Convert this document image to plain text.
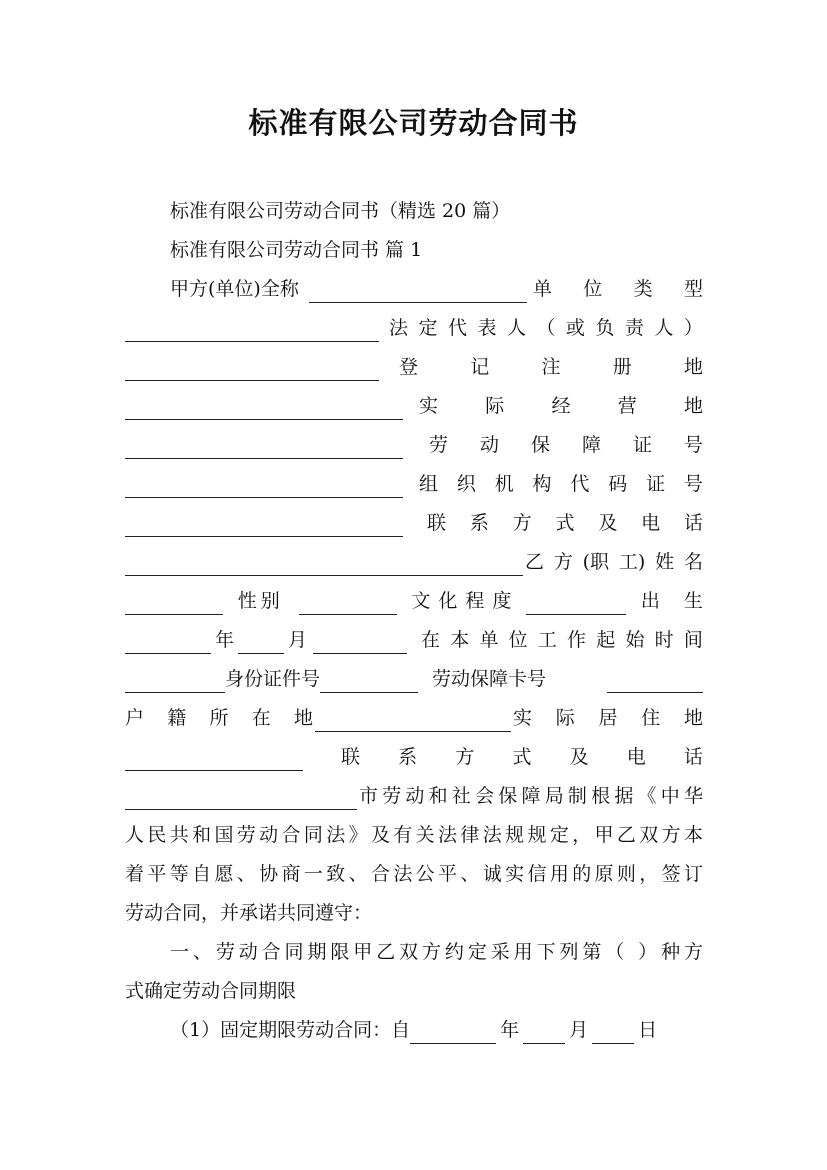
标准有限公司劳动合同书
标准有限公司劳动合同书（精选 20 篇）
标准有限公司劳动合同书 篇 1
甲方(单位)全称	单 位 类 型
法 定 代 表 人 （ 或 负 责 人 ）
登	记	注	册	地
实 际 经 营 地
劳 动 保 障 证 号
组 织 机 构 代 码 证 号
联 系 方 式 及 电 话
乙 方 (职 工) 姓 名
性别	文 化 程 度	出 生
年	月	在 本 单 位 工 作 起 始 时 间
身份证件号	劳动保障卡号
户 籍 所 在 地	实 际 居 住 地
联 系 方 式 及 电 话
市劳动和社会保障局制根据《中华
人民共和国劳动合同法》及有关法律法规规定，甲乙双方本
着平等自愿、协商一致、合法公平、诚实信用的原则，签订
劳动合同，并承诺共同遵守：
一、劳动合同期限甲乙双方约定采用下列第（ ）种方
式确定劳动合同期限
（1）固定期限劳动合同：自	年	月	日
